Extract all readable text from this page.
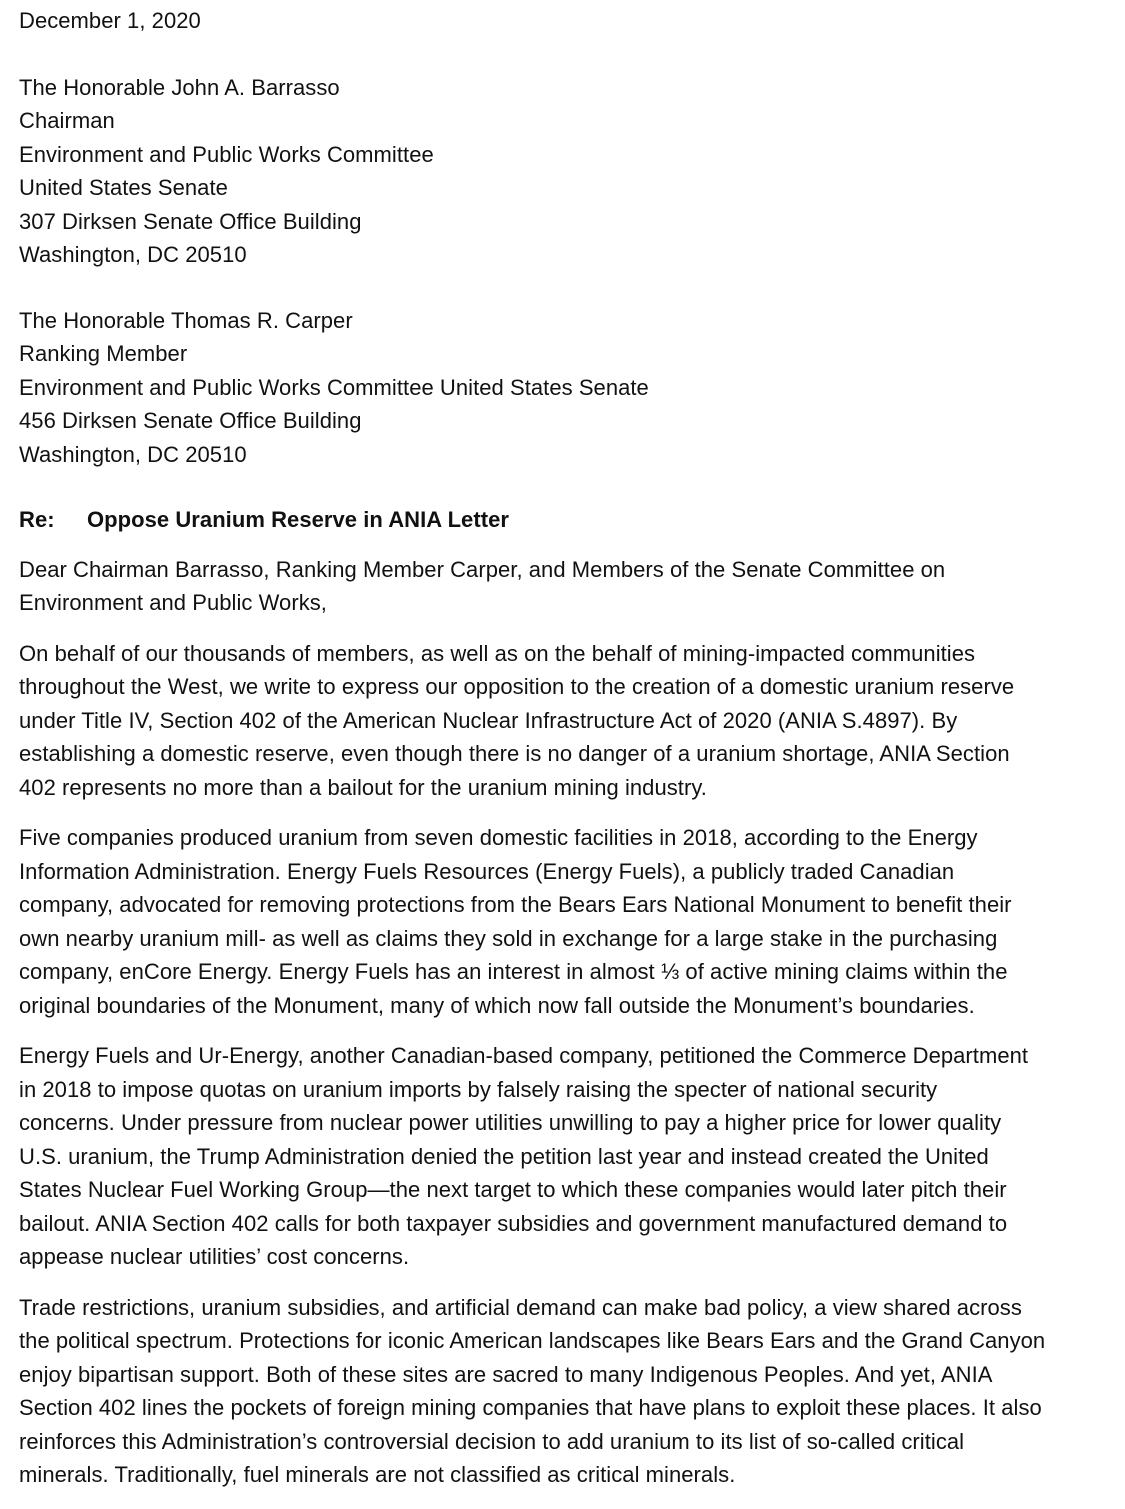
December 1, 2020
The Honorable John A. Barrasso
Chairman
Environment and Public Works Committee
United States Senate
307 Dirksen Senate Office Building
Washington, DC 20510
The Honorable Thomas R. Carper
Ranking Member
Environment and Public Works Committee United States Senate
456 Dirksen Senate Office Building
Washington, DC 20510
Re: Oppose Uranium Reserve in ANIA Letter
Dear Chairman Barrasso, Ranking Member Carper, and Members of the Senate Committee on
Environment and Public Works,
On behalf of our thousands of members, as well as on the behalf of mining-impacted communities
throughout the West, we write to express our opposition to the creation of a domestic uranium reserve
under Title IV, Section 402 of the American Nuclear Infrastructure Act of 2020 (ANIA S.4897). By
establishing a domestic reserve, even though there is no danger of a uranium shortage, ANIA Section
402 represents no more than a bailout for the uranium mining industry.
Five companies produced uranium from seven domestic facilities in 2018, according to the Energy
Information Administration. Energy Fuels Resources (Energy Fuels), a publicly traded Canadian
company, advocated for removing protections from the Bears Ears National Monument to benefit their
own nearby uranium mill- as well as claims they sold in exchange for a large stake in the purchasing
company, enCore Energy. Energy Fuels has an interest in almost ⅓ of active mining claims within the
original boundaries of the Monument, many of which now fall outside the Monument’s boundaries.
Energy Fuels and Ur-Energy, another Canadian-based company, petitioned the Commerce Department
in 2018 to impose quotas on uranium imports by falsely raising the specter of national security
concerns. Under pressure from nuclear power utilities unwilling to pay a higher price for lower quality
U.S. uranium, the Trump Administration denied the petition last year and instead created the United
States Nuclear Fuel Working Group—the next target to which these companies would later pitch their
bailout. ANIA Section 402 calls for both taxpayer subsidies and government manufactured demand to
appease nuclear utilities’ cost concerns.
Trade restrictions, uranium subsidies, and artificial demand can make bad policy, a view shared across
the political spectrum. Protections for iconic American landscapes like Bears Ears and the Grand Canyon
enjoy bipartisan support. Both of these sites are sacred to many Indigenous Peoples. And yet, ANIA
Section 402 lines the pockets of foreign mining companies that have plans to exploit these places. It also
reinforces this Administration’s controversial decision to add uranium to its list of so-called critical
minerals. Traditionally, fuel minerals are not classified as critical minerals.
